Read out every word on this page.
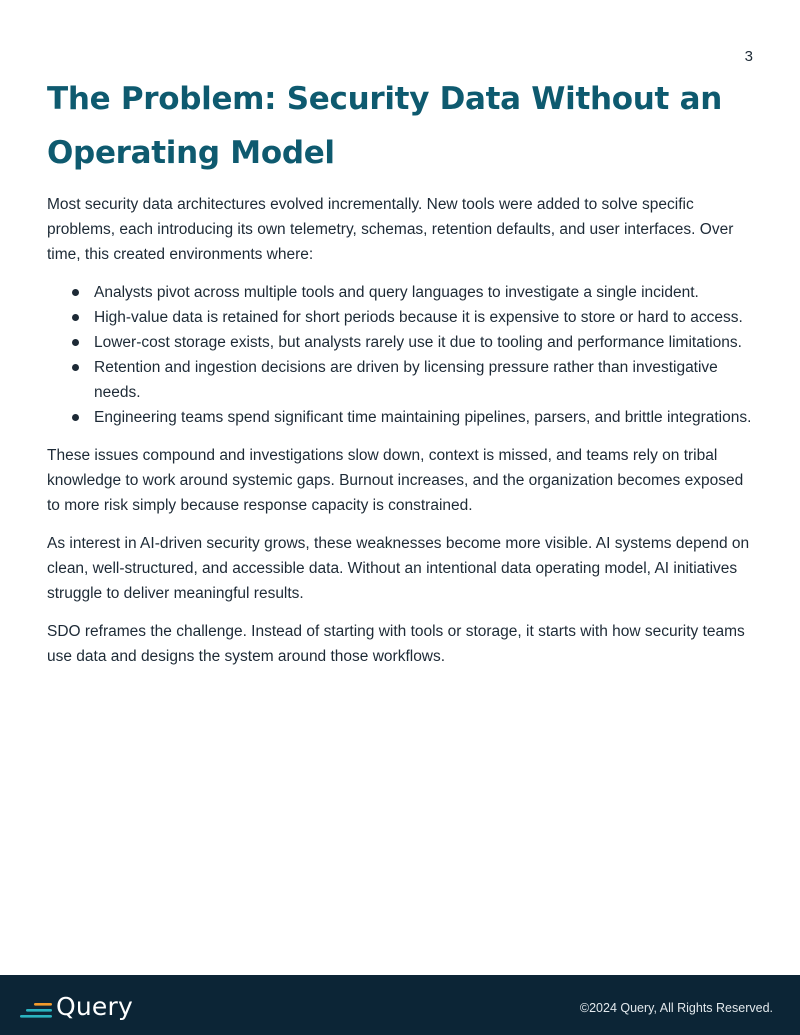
3
The Problem: Security Data Without an Operating Model

Most security data architectures evolved incrementally. New tools were added to solve specific problems, each introducing its own telemetry, schemas, retention defaults, and user interfaces. Over time, this created environments where:

Analysts pivot across multiple tools and query languages to investigate a single incident.
High-value data is retained for short periods because it is expensive to store or hard to access.
Lower-cost storage exists, but analysts rarely use it due to tooling and performance limitations.
Retention and ingestion decisions are driven by licensing pressure rather than investigative needs.
Engineering teams spend significant time maintaining pipelines, parsers, and brittle integrations.

These issues compound and investigations slow down, context is missed, and teams rely on tribal knowledge to work around systemic gaps. Burnout increases, and the organization becomes exposed to more risk simply because response capacity is constrained.

As interest in AI-driven security grows, these weaknesses become more visible. AI systems depend on clean, well-structured, and accessible data. Without an intentional data operating model, AI initiatives struggle to deliver meaningful results.

SDO reframes the challenge. Instead of starting with tools or storage, it starts with how security teams use data and designs the system around those workflows.

Query	©2024 Query, All Rights Reserved.
